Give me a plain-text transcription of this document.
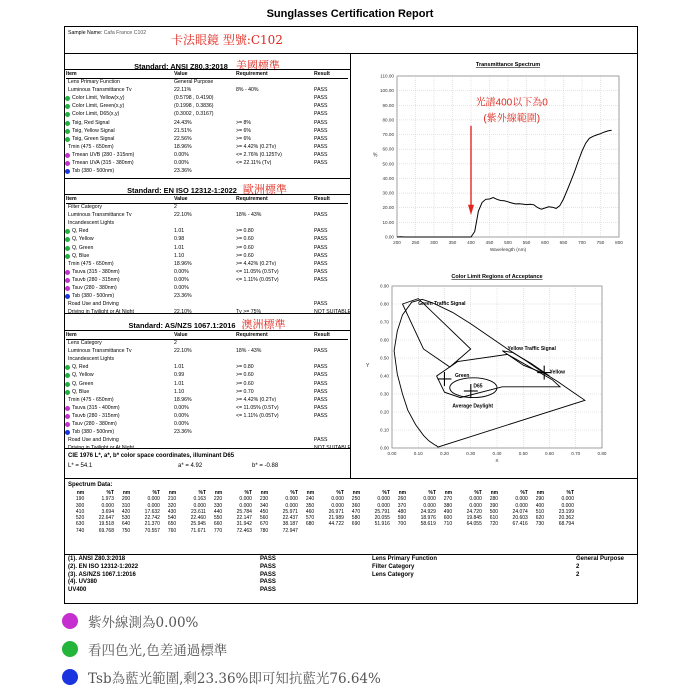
Sunglasses Certification Report
Sample Name: Cafa France C102 卡法眼鏡 型號:C102
Standard: ANSI Z80.3:2018 美國標準
Item	Value	Requirement	Result
Lens Primary Function	General Purpose
Luminous Transmittance Tv	22.11%	8% - 40%	PASS
Color Limit, Yellow(x,y)	(0.5798 , 0.4190)	PASS
Color Limit, Green(x,y)	(0.1998 , 0.3836)	PASS
Color Limit, D65(x,y)	(0.3002 , 0.3167)	PASS
Tsig, Red Signal	24.43%	>= 8%	PASS
Tsig, Yellow Signal	21.51%	>= 6%	PASS
Tsig, Green Signal	22.56%	>= 6%	PASS
Tmin (475 - 650nm)	18.96%	>= 4.42% (0.2Tv)	PASS
Tmean UVB (280 - 315nm)	0.00%	<= 2.76% (0.125Tv)	PASS
Tmean UVA (315 - 380nm)	0.00%	<= 22.11% (Tv)	PASS
Tsb (380 - 500nm)	23.36%
Standard: EN ISO 12312-1:2022 歐洲標準
Item	Value	Requirement	Result
Filter Category	2
Luminous Transmittance Tv	22.10%	18% - 43%	PASS
Incandescent Lights
Q, Red	1.01	>= 0.80	PASS
Q, Yellow	0.98	>= 0.60	PASS
Q, Green	1.01	>= 0.60	PASS
Q, Blue	1.10	>= 0.60	PASS
Tmin (475 - 650nm)	18.96%	>= 4.42% (0.2Tv)	PASS
Tsuva (315 - 380nm)	0.00%	<= 11.05% (0.5Tv)	PASS
Tsuvb (280 - 315nm)	0.00%	<= 1.11% (0.05Tv)	PASS
Tsuv (280 - 380nm)	0.00%
Tsb (380 - 500nm)	23.36%
Road Use and Driving	PASS
Driving in Twilight or At Night	22.10%	Tv >= 75%	NOT SUITABLE
Standard: AS/NZS 1067.1:2016 澳洲標準
Item	Value	Requirement	Result
Lens Category	2
Luminous Transmittance Tv	22.10%	18% - 43%	PASS
Incandescent Lights
Q, Red	1.01	>= 0.80	PASS
Q, Yellow	0.99	>= 0.60	PASS
Q, Green	1.01	>= 0.60	PASS
Q, Blue	1.10	>= 0.70	PASS
Tmin (475 - 650nm)	18.96%	>= 4.42% (0.2Tv)	PASS
Tsuva (315 - 400nm)	0.00%	<= 11.05% (0.5Tv)	PASS
Tsuvb (280 - 315nm)	0.00%	<= 1.11% (0.05Tv)	PASS
Tsuv (280 - 380nm)	0.00%
Tsb (380 - 500nm)	23.36%
Road Use and Driving	PASS
Driving in Twilight or At Night	NOT SUITABLE
CIE 1976 L*, a*, b* color space coordinates, illuminant D65
L* = 54.1	a* = 4.92	b* = -0.88
Transmittance Spectrum
0.00
10.00
20.00
30.00
40.00
50.00
60.00
70.00
80.00
90.00
100.00
110.00
200 250 300 350 400 450 500 550 600 650 700 750 800
Wavelength (nm)
%
光譜400以下為0
(紫外線範圍)
Color Limit Regions of Acceptance
0.00
0.10
0.20
0.30
0.40
0.50
0.60
0.70
0.80
0.90
0.00	0.10	0.20	0.30	0.40	0.50	0.60	0.70	0.80
X
Y
Green Traffic Signal
Yellow Traffic Signal
Yellow
Green
D65
Average Daylight
Spectrum Data:
nm	%T	nm	%T	nm	%T	nm	%T	nm	%T	nm	%T	nm	%T	nm	%T	nm	%T	nm	%T	nm	%T
190	1.973	200	0.000	210	0.163	220	0.000	230	0.000	240	0.000	250	0.000	260	0.000	270	0.000	280	0.000	290	0.000
300	0.000	310	0.000	320	0.000	330	0.000	340	0.000	350	0.000	360	0.000	370	0.000	380	0.000	390	0.000	400	0.000
410	3.694	420	17.632	430	23.611	440	25.784	450	25.971	460	26.971	470	25.791	480	24.929	490	24.720	500	24.074	510	23.199
520	22.647	530	22.742	540	22.460	550	22.147	560	22.437	570	21.989	580	20.055	590	18.976	600	19.845	610	20.603	620	20.362
630	19.518	640	21.370	650	25.945	660	31.942	670	38.187	680	44.722	690	51.916	700	58.619	710	64.055	720	67.416	730	68.794
740	69.768	750	70.557	760	71.671	770	72.463	780	72.947												
(1). ANSI Z80.3:2018	PASS
(2). EN ISO 12312-1:2022	PASS
(3). AS/NZS 1067.1:2016	PASS
(4). UV380	PASS
UV400	PASS
Lens Primary Function	General Purpose
Filter Category	2
Lens Category	2
紫外線測為0.00%
看四色光,色差通過標準
Tsb為藍光範圍,剩23.36%即可知抗藍光76.64%
